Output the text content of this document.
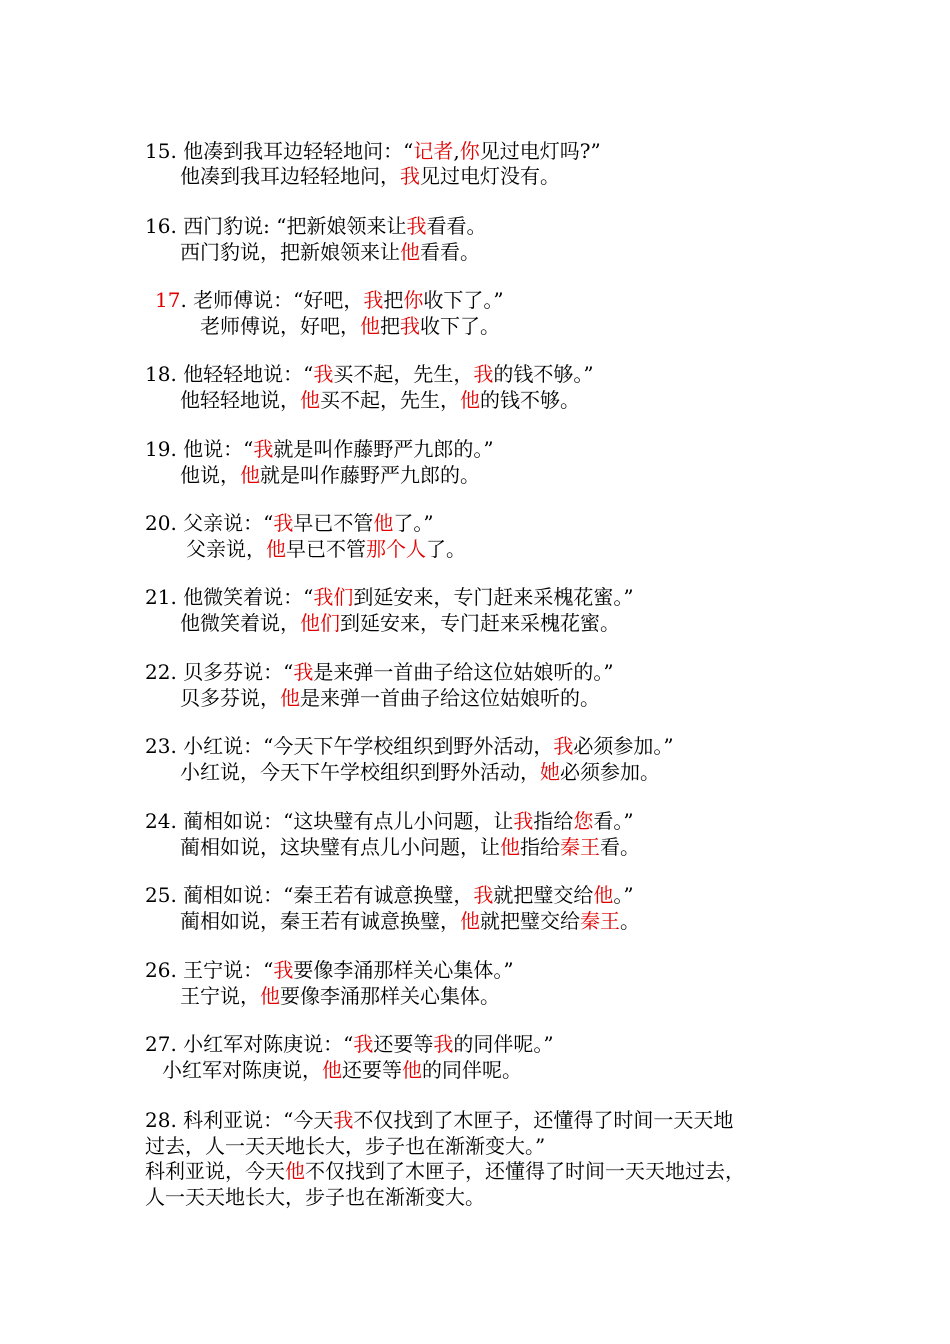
15. 他凑到我耳边轻轻地问：“记者,你见过电灯吗?”
他凑到我耳边轻轻地问，我见过电灯没有。
16. 西门豹说: “把新娘领来让我看看。
西门豹说，把新娘领来让他看看。
17. 老师傅说：“好吧，我把你收下了。”
老师傅说，好吧，他把我收下了。
18. 他轻轻地说：“我买不起，先生，我的钱不够。”
他轻轻地说，他买不起，先生，他的钱不够。
19. 他说：“我就是叫作藤野严九郎的。”
他说，他就是叫作藤野严九郎的。
20. 父亲说：“我早已不管他了。”
父亲说，他早已不管那个人了。
21. 他微笑着说：“我们到延安来，专门赶来采槐花蜜。”
他微笑着说，他们到延安来，专门赶来采槐花蜜。
22. 贝多芬说：“我是来弹一首曲子给这位姑娘听的。”
贝多芬说，他是来弹一首曲子给这位姑娘听的。
23. 小红说：“今天下午学校组织到野外活动，我必须参加。”
小红说，今天下午学校组织到野外活动，她必须参加。
24. 蔺相如说：“这块璧有点儿小问题，让我指给您看。”
蔺相如说，这块璧有点儿小问题，让他指给秦王看。
25. 蔺相如说：“秦王若有诚意换璧，我就把璧交给他。”
蔺相如说，秦王若有诚意换璧，他就把璧交给秦王。
26. 王宁说：“我要像李涌那样关心集体。”
王宁说，他要像李涌那样关心集体。
27. 小红军对陈庚说：“我还要等我的同伴呢。”
小红军对陈庚说，他还要等他的同伴呢。
28. 科利亚说：“今天我不仅找到了木匣子，还懂得了时间一天天地
过去，人一天天地长大，步子也在渐渐变大。”
科利亚说，今天他不仅找到了木匣子，还懂得了时间一天天地过去，
人一天天地长大，步子也在渐渐变大。
